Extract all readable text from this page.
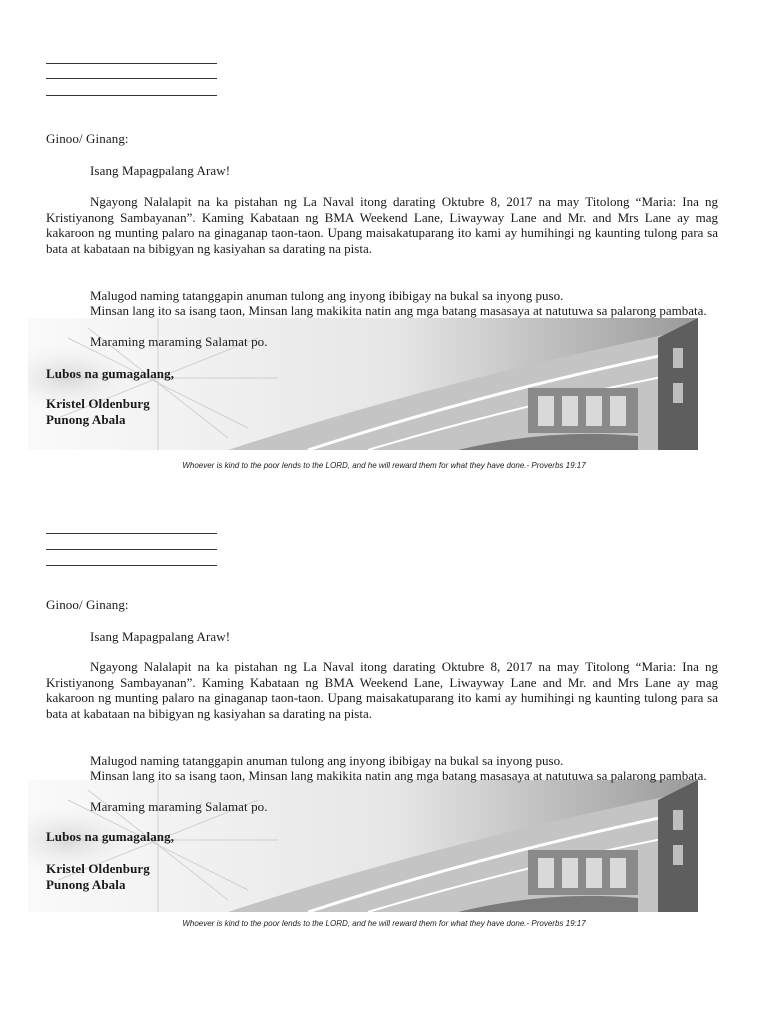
Ginoo/ Ginang:
Isang Mapagpalang Araw!
Ngayong Nalalapit na ka pistahan ng La Naval itong darating Oktubre 8, 2017 na may Titolong “Maria: Ina ng Kristiyanong Sambayanan”. Kaming Kabataan ng BMA Weekend Lane, Liwayway Lane and Mr. and Mrs Lane ay mag kakaroon ng munting palaro na ginaganap taon-taon. Upang maisakatuparang ito kami ay humihingi ng kaunting tulong para sa bata at kabataan na bibigyan ng kasiyahan sa darating na pista.
Malugod naming tatanggapin anuman tulong ang inyong ibibigay na bukal sa inyong puso.
Minsan lang ito sa isang taon, Minsan lang makikita natin ang mga batang masasaya at natutuwa sa palarong pambata.
Maraming maraming Salamat po.
Lubos na gumagalang,
Kristel Oldenburg
Punong Abala
Whoever is kind to the poor lends to the LORD, and he will reward them for what they have done.- Proverbs 19:17
Ginoo/ Ginang:
Isang Mapagpalang Araw!
Ngayong Nalalapit na ka pistahan ng La Naval itong darating Oktubre 8, 2017 na may Titolong “Maria: Ina ng Kristiyanong Sambayanan”. Kaming Kabataan ng BMA Weekend Lane, Liwayway Lane and Mr. and Mrs Lane ay mag kakaroon ng munting palaro na ginaganap taon-taon. Upang maisakatuparang ito kami ay humihingi ng kaunting tulong para sa bata at kabataan na bibigyan ng kasiyahan sa darating na pista.
Malugod naming tatanggapin anuman tulong ang inyong ibibigay na bukal sa inyong puso.
Minsan lang ito sa isang taon, Minsan lang makikita natin ang mga batang masasaya at natutuwa sa palarong pambata.
Maraming maraming Salamat po.
Lubos na gumagalang,
Kristel Oldenburg
Punong Abala
Whoever is kind to the poor lends to the LORD, and he will reward them for what they have done.- Proverbs 19:17
